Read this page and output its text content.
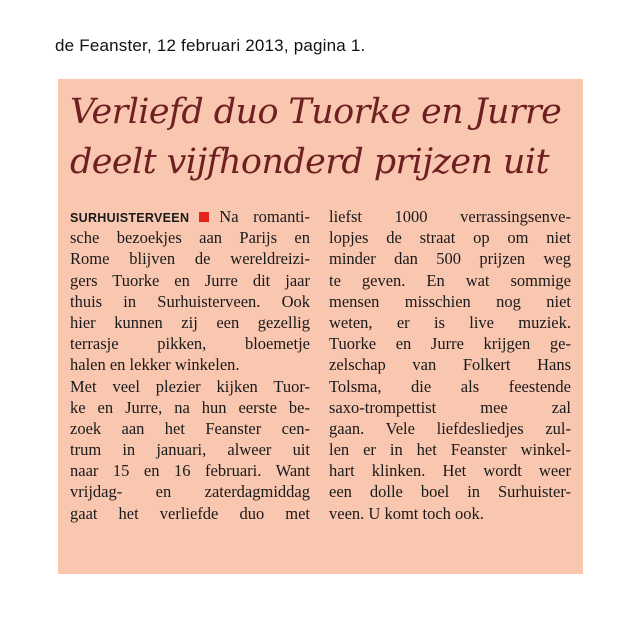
de Feanster, 12 februari 2013, pagina 1.
Verliefd duo Tuorke en Jurre
deelt vijfhonderd prijzen uit
SURHUISTERVEEN Na romanti-
sche bezoekjes aan Parijs en
Rome blijven de wereldreizi-
gers Tuorke en Jurre dit jaar
thuis in Surhuisterveen. Ook
hier kunnen zij een gezellig
terrasje pikken, bloemetje
halen en lekker winkelen.
Met veel plezier kijken Tuor-
ke en Jurre, na hun eerste be-
zoek aan het Feanster cen-
trum in januari, alweer uit
naar 15 en 16 februari. Want
vrijdag- en zaterdagmiddag
gaat het verliefde duo met
liefst 1000 verrassingsenve-
lopjes de straat op om niet
minder dan 500 prijzen weg
te geven. En wat sommige
mensen misschien nog niet
weten, er is live muziek.
Tuorke en Jurre krijgen ge-
zelschap van Folkert Hans
Tolsma, die als feestende
saxo-trompettist mee zal
gaan. Vele liefdesliedjes zul-
len er in het Feanster winkel-
hart klinken. Het wordt weer
een dolle boel in Surhuister-
veen. U komt toch ook.
